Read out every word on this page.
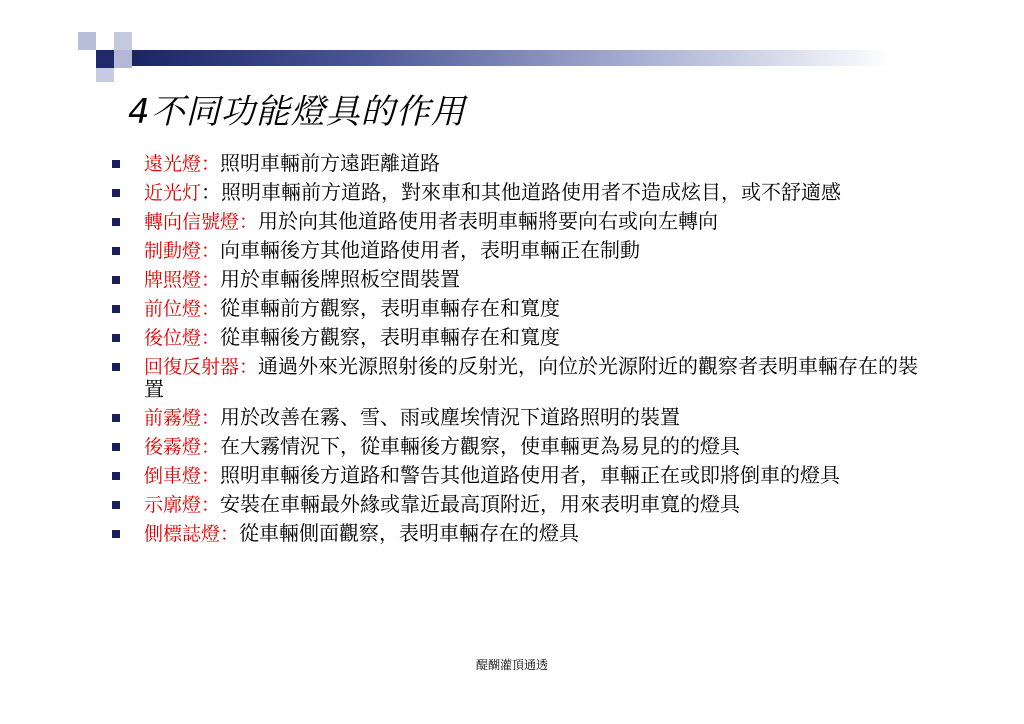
4不同功能燈具的作用
遠光燈：照明車輛前方遠距離道路
近光灯：照明車輛前方道路，對來車和其他道路使用者不造成炫目，或不舒適感
轉向信號燈：用於向其他道路使用者表明車輛將要向右或向左轉向
制動燈：向車輛後方其他道路使用者，表明車輛正在制動
牌照燈：用於車輛後牌照板空間裝置
前位燈：從車輛前方觀察，表明車輛存在和寬度
後位燈：從車輛後方觀察，表明車輛存在和寬度
回復反射器：通過外來光源照射後的反射光，向位於光源附近的觀察者表明車輛存在的裝置
前霧燈：用於改善在霧、雪、雨或塵埃情況下道路照明的裝置
後霧燈：在大霧情況下，從車輛後方觀察，使車輛更為易見的的燈具
倒車燈：照明車輛後方道路和警告其他道路使用者，車輛正在或即將倒車的燈具
示廓燈：安裝在車輛最外緣或靠近最高頂附近，用來表明車寬的燈具
側標誌燈：從車輛側面觀察，表明車輛存在的燈具
醍醐灌頂通透
